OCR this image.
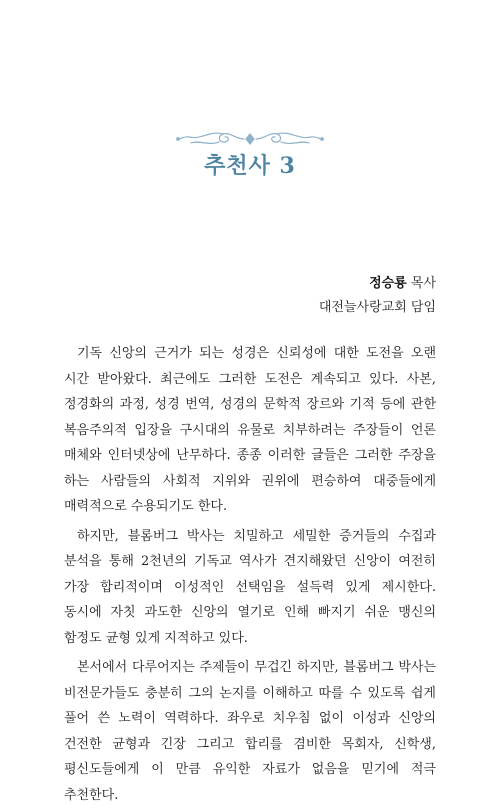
추천사 3
정승룡 목사
대전늘사랑교회 담임

기독 신앙의 근거가 되는 성경은 신뢰성에 대한 도전을 오랜 시간 받아왔다. 최근에도 그러한 도전은 계속되고 있다. 사본, 정경화의 과정, 성경 번역, 성경의 문학적 장르와 기적 등에 관한 복음주의적 입장을 구시대의 유물로 치부하려는 주장들이 언론 매체와 인터넷상에 난무하다. 종종 이러한 글들은 그러한 주장을 하는 사람들의 사회적 지위와 권위에 편승하여 대중들에게 매력적으로 수용되기도 한다.

하지만, 블롬버그 박사는 치밀하고 세밀한 증거들의 수집과 분석을 통해 2천년의 기독교 역사가 견지해왔던 신앙이 여전히 가장 합리적이며 이성적인 선택임을 설득력 있게 제시한다. 동시에 자칫 과도한 신앙의 열기로 인해 빠지기 쉬운 맹신의 함정도 균형 있게 지적하고 있다.

본서에서 다루어지는 주제들이 무겁긴 하지만, 블롬버그 박사는 비전문가들도 충분히 그의 논지를 이해하고 따를 수 있도록 쉽게 풀어 쓴 노력이 역력하다. 좌우로 치우침 없이 이성과 신앙의 건전한 균형과 긴장 그리고 합리를 겸비한 목회자, 신학생, 평신도들에게 이 만큼 유익한 자료가 없음을 믿기에 적극 추천한다.
